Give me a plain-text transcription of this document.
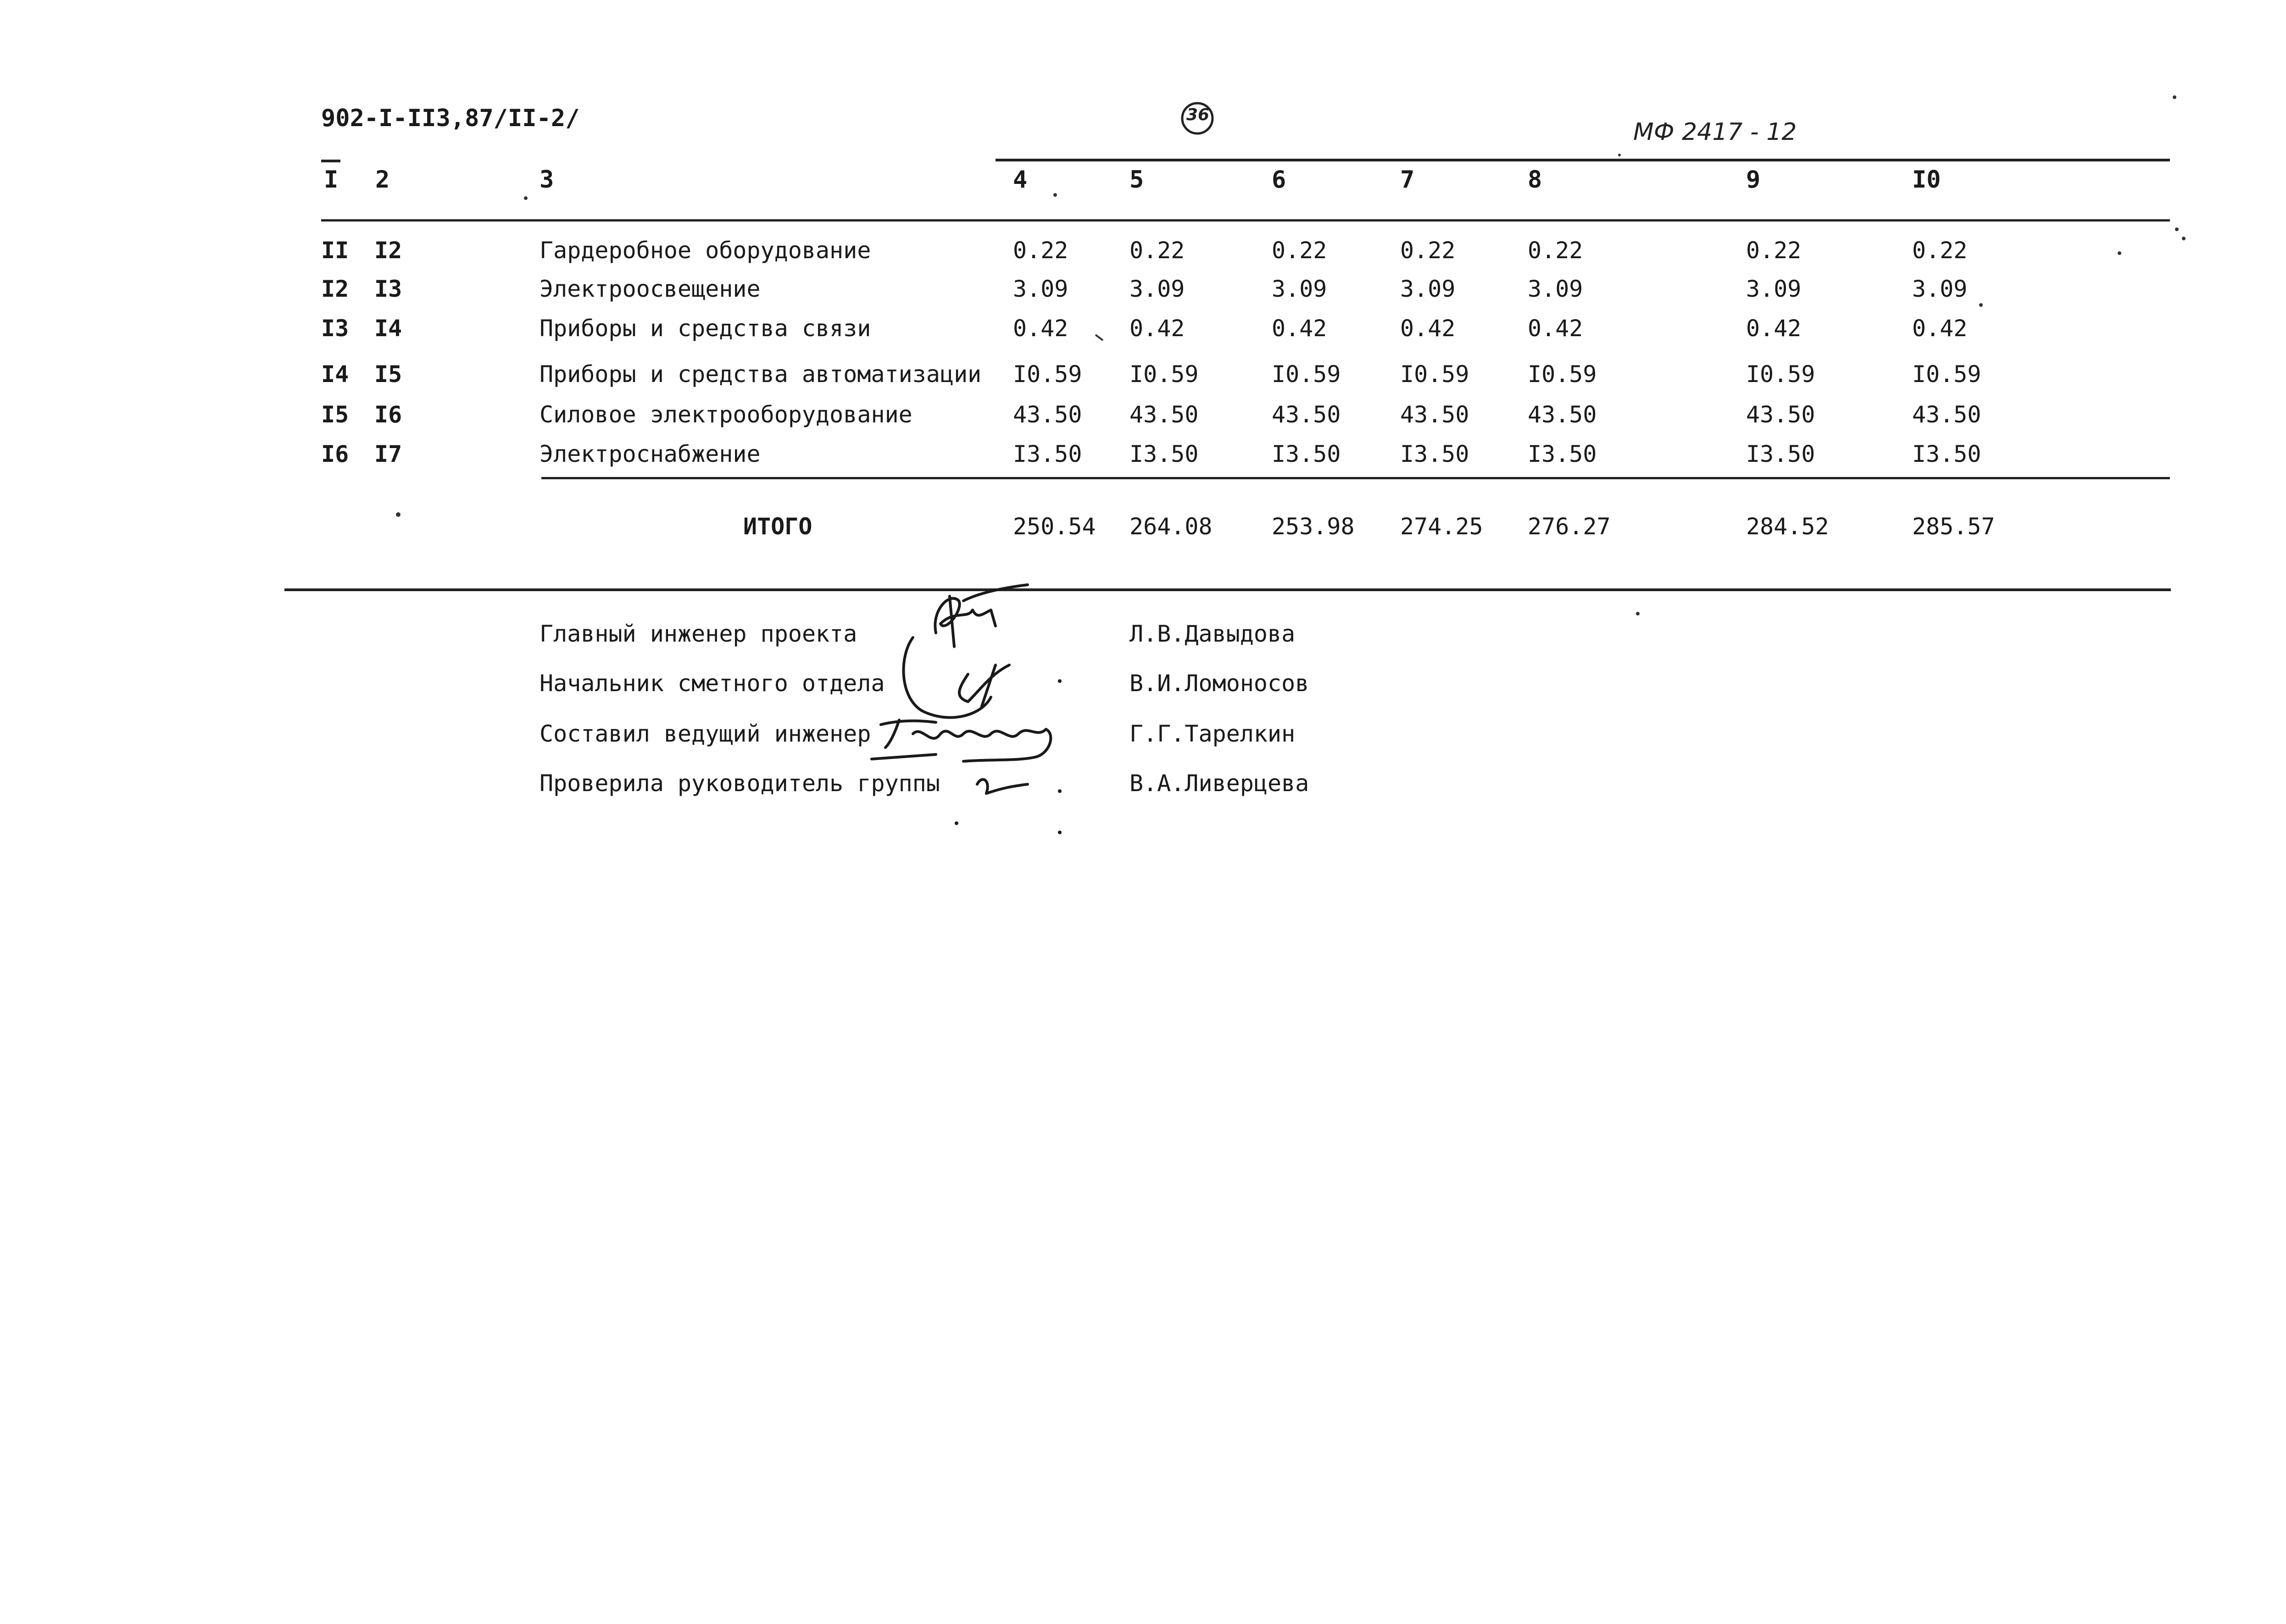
902-I-II3,87/II-2/	36
МФ 2417 - 12
I 2	3	4	5	6	7	8	9	I0
II I2	Гардеробное оборудование	0.22	0.22	0.22	0.22	0.22	0.22	0.22
I2 I3	Электроосвещение	3.09	3.09	3.09	3.09	3.09	3.09	3.09
I3 I4	Приборы и средства связи	0.42	0.42	0.42	0.42	0.42	0.42	0.42
I4 I5	Приборы и средства автоматизации I0.59 I0.59	I0.59	I0.59	I0.59	I0.59	I0.59
I5 I6	Силовое электрооборудование	43.50 43.50	43.50	43.50	43.50	43.50	43.50
I6 I7	Электроснабжение	I3.50 I3.50	I3.50	I3.50	I3.50	I3.50	I3.50
ИТОГО	250.54 264.08	253.98 274.25 276.27	284.52	285.57
Главный инженер проекта	Л.В.Давыдова
Начальник сметного отдела	В.И.Ломоносов
Составил ведущий инженер	Г.Г.Тарелкин
Проверила руководитель группы	В.А.Ливерцева
